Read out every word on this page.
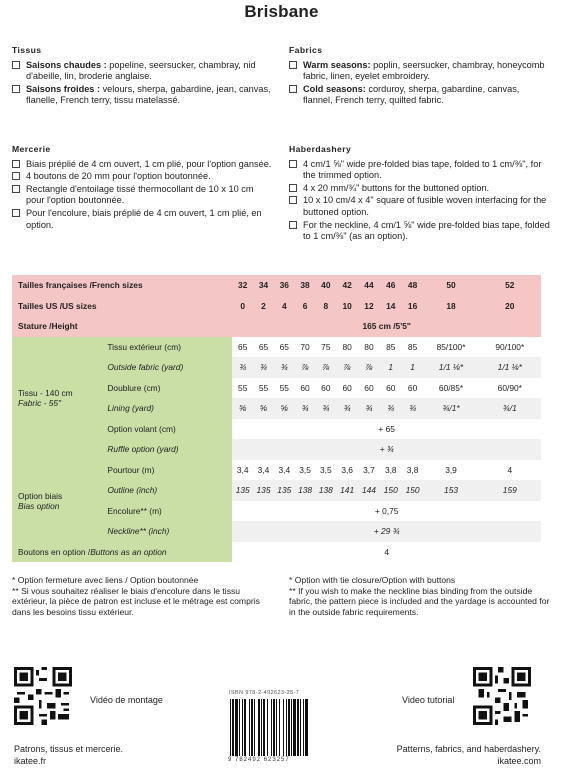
Brisbane
Tissus
Saisons chaudes : popeline, seersucker, chambray, nid d'abeille, lin, broderie anglaise.
Saisons froides : velours, sherpa, gabardine, jean, canvas, flanelle, French terry, tissu matelassé.
Mercerie
Biais préplié de 4 cm ouvert, 1 cm plié, pour l'option gansée.
4 boutons de 20 mm pour l'option boutonnée.
Rectangle d'entoilage tissé thermocollant de 10 x 10 cm pour l'option boutonnée.
Pour l'encolure, biais préplié de 4 cm ouvert, 1 cm plié, en option.
Fabrics
Warm seasons: poplin, seersucker, chambray, honeycomb fabric, linen, eyelet embroidery.
Cold seasons: corduroy, sherpa, gabardine, canvas, flannel, French terry, quilted fabric.
Haberdashery
4 cm/1 ⅝" wide pre-folded bias tape, folded to 1 cm/⅜", for the trimmed option.
4 x 20 mm/¾" buttons for the buttoned option.
10 x 10 cm/4 x 4" square of fusible woven interfacing for the buttoned option.
For the neckline, 4 cm/1 ⅝" wide pre-folded bias tape, folded to 1 cm/⅜" (as an option).
Tailles françaises /French sizes		32	34	36	38	40	42	44	46	48	50	52
Tailles US /US sizes		0	2	4	6	8	10	12	14	16	18	20
Stature /Height		165 cm /5'5"										
Tissu - 140 cm
Fabric - 55"	Tissu extérieur (cm)	65	65	65	70	75	80	80	85	85	85/100*	90/100*
	Outside fabric (yard)	¾	¾	¾	⅞	⅞	⅞	⅞	1	1	1/1 ⅛*	1/1 ⅛*
	Doublure (cm)	55	55	55	60	60	60	60	60	60	60/85*	60/90*
	Lining (yard)	⅝	⅝	⅝	¾	¾	¾	¾	¾	¾	¾/1*	¾/1
	Option volant (cm)	+ 65										
	Ruffle option (yard)	+ ¾										
Option biais
Bias option	Pourtour (m)	3,4	3,4	3,4	3,5	3,5	3,6	3,7	3,8	3,8	3,9	4
	Outline (inch)	135	135	135	138	138	141	144	150	150	153	159
	Encolure** (m)	+ 0,75										
	Neckline** (inch)	+ 29 ¾										
Boutons en option /Buttons as an option		4										
* Option fermeture avec liens / Option boutonnée
** Si vous souhaitez réaliser le biais d'encolure dans le tissu extérieur, la pièce de patron est incluse et le métrage est compris dans les besoins tissu extérieur.
* Option with tie closure/Option with buttons
** If you wish to make the neckline bias binding from the outside fabric, the pattern piece is included and the yardage is accounted for in the outside fabric requirements.
Vidéo de montage	Video tutorial
ISBN 978-2-492623-25-7
9 782492 623257
Patrons, tissus et mercerie.
ikatee.fr
Patterns, fabrics, and haberdashery.
ikatee.com
